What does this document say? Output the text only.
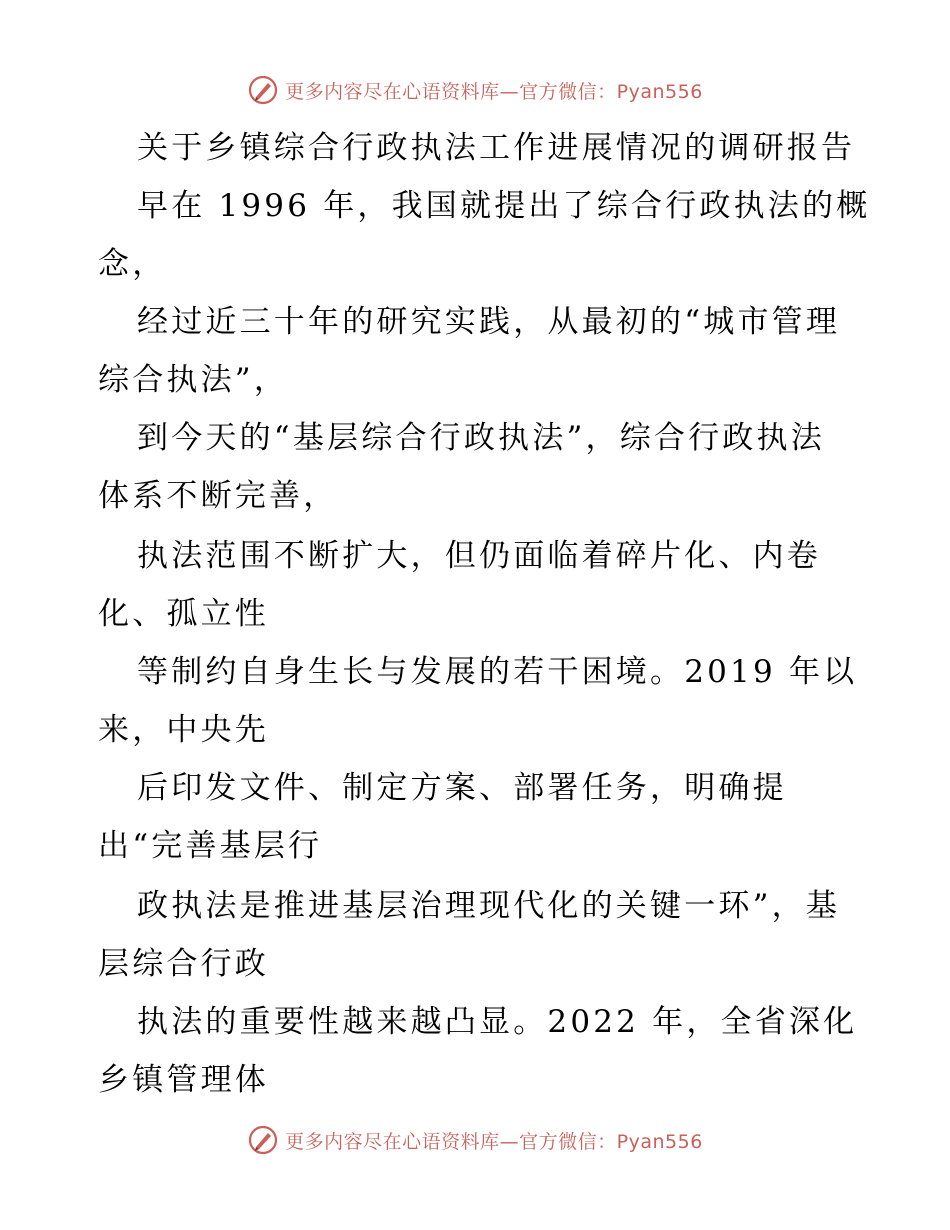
更多内容尽在心语资料库—官方微信：Pyan556
关于乡镇综合行政执法工作进展情况的调研报告
早在 1996 年，我国就提出了综合行政执法的概
念，
经过近三十年的研究实践，从最初的“城市管理
综合执法”，
到今天的“基层综合行政执法”，综合行政执法
体系不断完善，
执法范围不断扩大，但仍面临着碎片化、内卷
化、孤立性
等制约自身生长与发展的若干困境。2019 年以
来，中央先
后印发文件、制定方案、部署任务，明确提
出“完善基层行
政执法是推进基层治理现代化的关键一环”，基
层综合行政
执法的重要性越来越凸显。2022 年，全省深化
乡镇管理体
更多内容尽在心语资料库—官方微信：Pyan556
